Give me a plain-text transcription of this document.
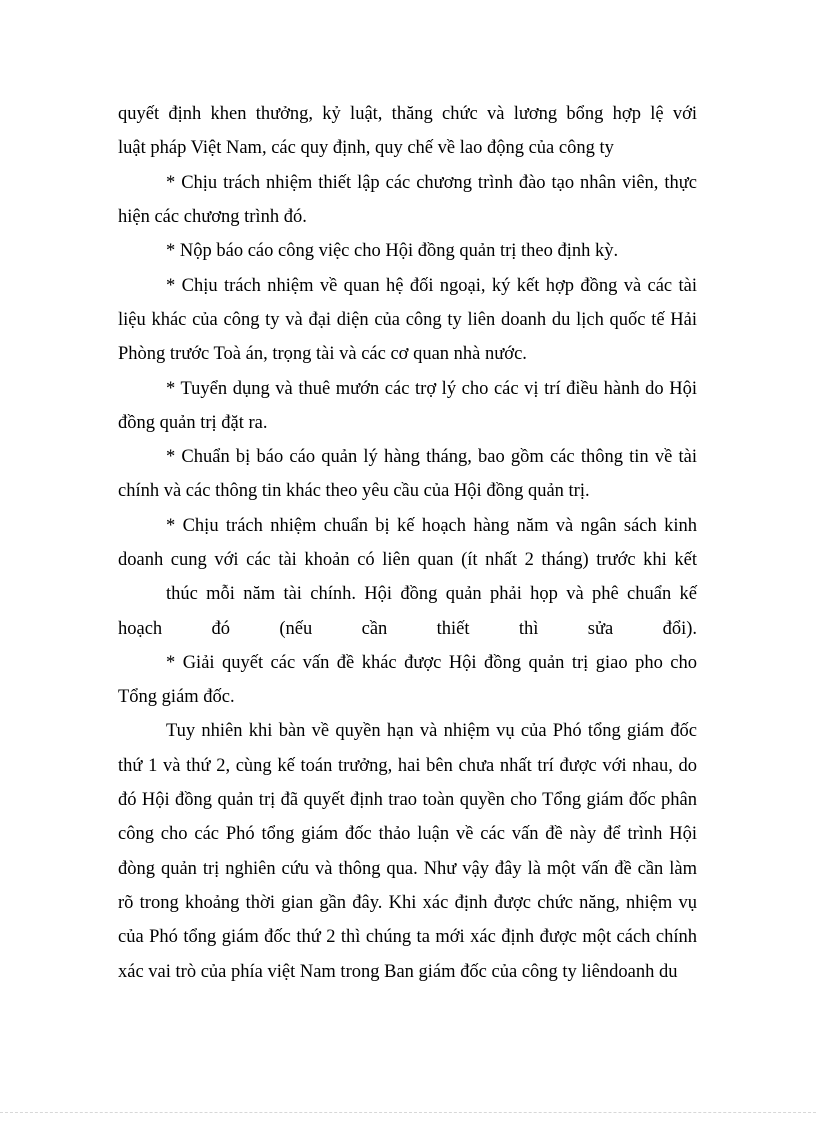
quyết định khen thưởng, kỷ luật, thăng chức và lương bổng hợp lệ với
luật pháp Việt Nam, các quy định, quy chế về lao động của công ty
* Chịu trách nhiệm thiết lập các chương trình đào tạo nhân viên, thực
hiện các chương trình đó.
* Nộp báo cáo công việc cho Hội đồng quản trị theo định kỳ.
* Chịu trách nhiệm về quan hệ đối ngoại, ký kết hợp đồng và các tài
liệu khác của công ty và đại diện của công ty liên doanh du lịch quốc tế Hải
Phòng trước Toà án, trọng tài và các cơ quan nhà nước.
* Tuyển dụng và thuê mướn các trợ lý cho các vị trí điều hành do Hội
đồng quản trị đặt ra.
* Chuẩn bị báo cáo quản lý hàng tháng, bao gồm các thông tin về tài
chính và các thông tin khác theo yêu cầu của Hội đồng quản trị.
* Chịu trách nhiệm chuẩn bị kế hoạch hàng năm và ngân sách kinh
doanh cung với các tài khoản có liên quan (ít nhất 2 tháng) trước khi kết
thúc mỗi năm tài chính. Hội đồng quản phải họp và phê chuẩn kế
hoạch đó (nếu cần thiết thì sửa đổi).
* Giải quyết các vấn đề khác được Hội đồng quản trị giao pho cho
Tổng giám đốc.
Tuy nhiên khi bàn về quyền hạn và nhiệm vụ của Phó tổng giám đốc
thứ 1 và thứ 2, cùng kế toán trưởng, hai bên chưa nhất trí được với nhau, do
đó Hội đồng quản trị đã quyết định trao toàn quyền cho Tổng giám đốc phân
công cho các Phó tổng giám đốc thảo luận về các vấn đề này để trình Hội
đòng quản trị nghiên cứu và thông qua. Như vậy đây là một vấn đề cần làm
rõ trong khoảng thời gian gần đây. Khi xác định được chức năng, nhiệm vụ
của Phó tổng giám đốc thứ 2 thì chúng ta mới xác định được một cách chính
xác vai trò của phía việt Nam trong Ban giám đốc của công ty liêndoanh du
